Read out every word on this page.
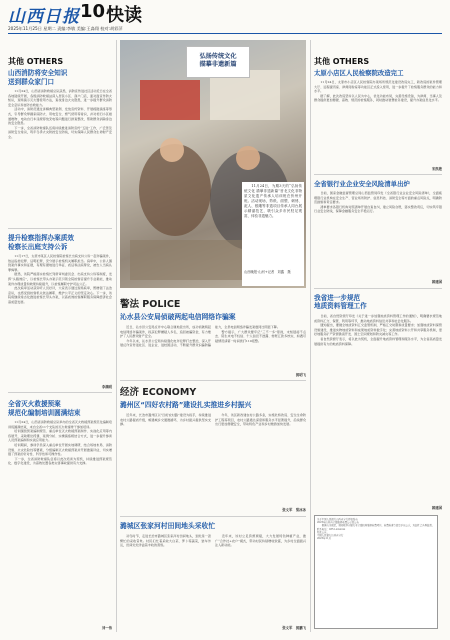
山西日报 10 快读
2025年11月25日 星期二 责编:李敏 美编:王淼翔 校对:胡彩萍
其他 OTHERS
山西消防将安全知识
送到群众家门口
　　11月24日，山西省消防救援总队获悉，消防宣传进社区活动近日在全省各地陆续开展，各级消防救援站深入居民小区、商户门店，面对面宣传防火知识，现场演示灭火器使用方法，查找身边火灾隐患，进一步提升群众消防安全意识和自防自救能力。
　　活动中，消防员通过讲解典型案例、发放宣传资料、开展疏散演练等形式，引导群众掌握家庭防火、用电安全、燃气使用等常识，并对老旧小区楼道堆物、电动自行车违规停放充电等问题进行排查整改，帮助群众消除身边的安全隐患。
　　下一步，全省消防救援队伍将持续推进消防宣传“五进”工作，广泛普及消防安全常识，筑牢冬季火灾防控安全防线，切实保障人民群众生命财产安全。
提升检察指挥办案质效
检察长出庭支持公诉
　　11月17日，太原市某区人民检察院检察长出庭支持公诉一起诈骗案件，依法指控犯罪、证明犯罪，充分展示检察机关履职担当。庭审中，公诉人围绕案件事实和证据，有理有据地进行举证、质证和法庭辩论，被告人当庭认罪悔罪。
　　据悉，该院严格落实检察长列席审判委员会、出庭支持公诉等制度，发挥“头雁效应”，以检察长带头办案示范引领全院检察官提升专业素能，推动案件办理质量和效果持续提升，以检察履职守护司法公正。
　　此次庭审活动获旁听人员好评，大家表示通过现场庭审，既增强了法治意识，也感受到检察机关依法履职、维护公平正义的坚定决心。下一步，该院将继续常态化推进检察长带头办案，以高质效检察履职服务保障经济社会高质量发展。
李满明
全省灭火救援预案
规范化编制培训圆满结束
　　11月24日，山西省消防救援总队举办的全省灭火救援预案规范化编制培训班圆满结束，来自全省11个支队的灭火救援骨干参加培训。
　　培训围绕预案编制规范、重点单位灭火救援预案制作、实战化应用等内容展开，采取理论授课、案例分析、实操演练相结合方式，进一步提升参训人员预案编制和实战应用能力。
　　培训期间，参训学员深入重点单位开展实地调研，结合场地布局、消防设施、火灾危险性等要素，分组编制灭火救援预案并开展推演评估，切实增强了预案的针对性、科学性和可操作性。
　　下一步，全省消防救援队伍将以此次培训为契机，持续推进预案规范化、数字化建设，为高效处置各类灾害事故提供有力支撑。
刘一伟
弘扬传统文化
描摹非遗新篇
　　11月24日，为期3天的“弘扬传统文化 描摹非遗新篇”晋北文化非物质文化遗产传承人培训班在忻州开班。活动现场，剪纸、面塑、刺绣、泥人、根雕等非遗项目传承人同台展示精湛技艺，吸引众多市民驻足观赏、体验非遗魅力。
山西晚报·山河+记者　刘鑫　摄
警法 POLICE
沁水县公安局侦破两起电信网络诈骗案
　　近日，沁水县公安局反诈中心联合属地派出所，成功侦破两起电信网络诈骗案件，抓获犯罪嫌疑人多名，追回被骗资金，有力维护了人民群众财产安全。
　　今年以来，沁水县公安局持续强化电诈犯罪打击整治，深入开展反诈宣传进社区、进企业、进校园活动，不断提升群众识骗防骗能力，全县电信网络诈骗发案数同比明显下降。
　　警方提示，广大群众要牢记“三不一多”原则，未知链接不点击、陌生来电不轻信、个人信息不透露、转账汇款多核实，如遇可疑情况请第一时间拨打110报警。
郭明飞
经济 ECONOMY
潞州区“四好农村路”建设扎实推进乡村振兴
　　近年来，长治市潞州区以“四好农村路”建设为抓手，持续推进农村公路提质升级，畅通城乡交通微循环，为乡村振兴提供坚实支撑。
　　今年，该区新改建农村公路多条，实施危桥改造、安全生命防护工程等项目，农村公路通达深度和服务水平显著提升，沿线群众出行更加便捷安全，带动特色产业和乡村旅游加快发展。
张文军　梁冰冰
潞城区张家河村田间地头采收忙
　　初冬时节，走进长治市潞城区张家河村田间地头，到处是一派繁忙的采收景象。村民们忙着采收大白菜、萝卜等蔬菜，装车外运，田间处处洋溢着丰收的喜悦。
　　近年来，该村立足资源禀赋，大力发展特色种植产业，推广“合作社+农户”模式，带动村民持续增收致富，为乡村全面振兴注入新动能。
张文军　郭鹏飞
其他 OTHERS
太原小店区人民检察院改造完工
　　11月24日，太原市小店区人民检察院办案场所规范化建设改造完工，新改造的案件管理大厅、远程提讯室、律师阅卷室等功能区正式投入使用，进一步提升了检察服务群众的能力和水平。
　　据了解，此次改造坚持以人民为中心，优化功能布局，完善设施设备，为律师、当事人及群众提供更加便捷、高效、规范的检察服务，同时推动智慧检务建设，提升办案信息化水平。
宋凯艳
全省银行业企业安全风险清单出炉
　　日前，国家金融监督管理总局山西监管局印发《全省银行业企业安全风险清单》，全面梳理银行业机构在安全生产、营业场所防护、信息科技、消防安全等方面的重点风险点，明确防范措施和责任要求。
　　清单要求各银行机构对照清单开展自查自纠，建立风险台账，落实整改责任，切实筑牢银行业安全防线，保障金融服务安全平稳运行。
薛建国
我省进一步规范
地质资料管理工作
　　日前，省自然资源厅印发《关于进一步加强地质资料管理工作的通知》，明确要求规范地质资料汇交、保管、利用等环节，推动地质资料信息共享和社会化服务。
　　通知提出，要健全地质资料汇交监管机制，严格汇交时限和质量要求；加强地质资料保管设施建设，推进实物地质资料和成果地质资料数字化；完善地质资料公开和共享服务机制，更好地服务矿产资源勘查开发、国土空间规划和防灾减灾等工作。
　　省自然资源厅表示，将以此为契机，全面提升地质资料管理和服务水平，为全省高质量发展提供有力的地质资料保障。
薛建国
关于中国人民银行山西省分行授权发布
2025年山西省金融服务收费公示的公告
　　根据有关规定，现将辖区内银行业金融机构服务收费项目、收费标准等信息予以公示，欢迎社会各界监督。
联系电话：0351-xxxxxxx
特此公告。
中国人民银行山西省分行
2025年11月
